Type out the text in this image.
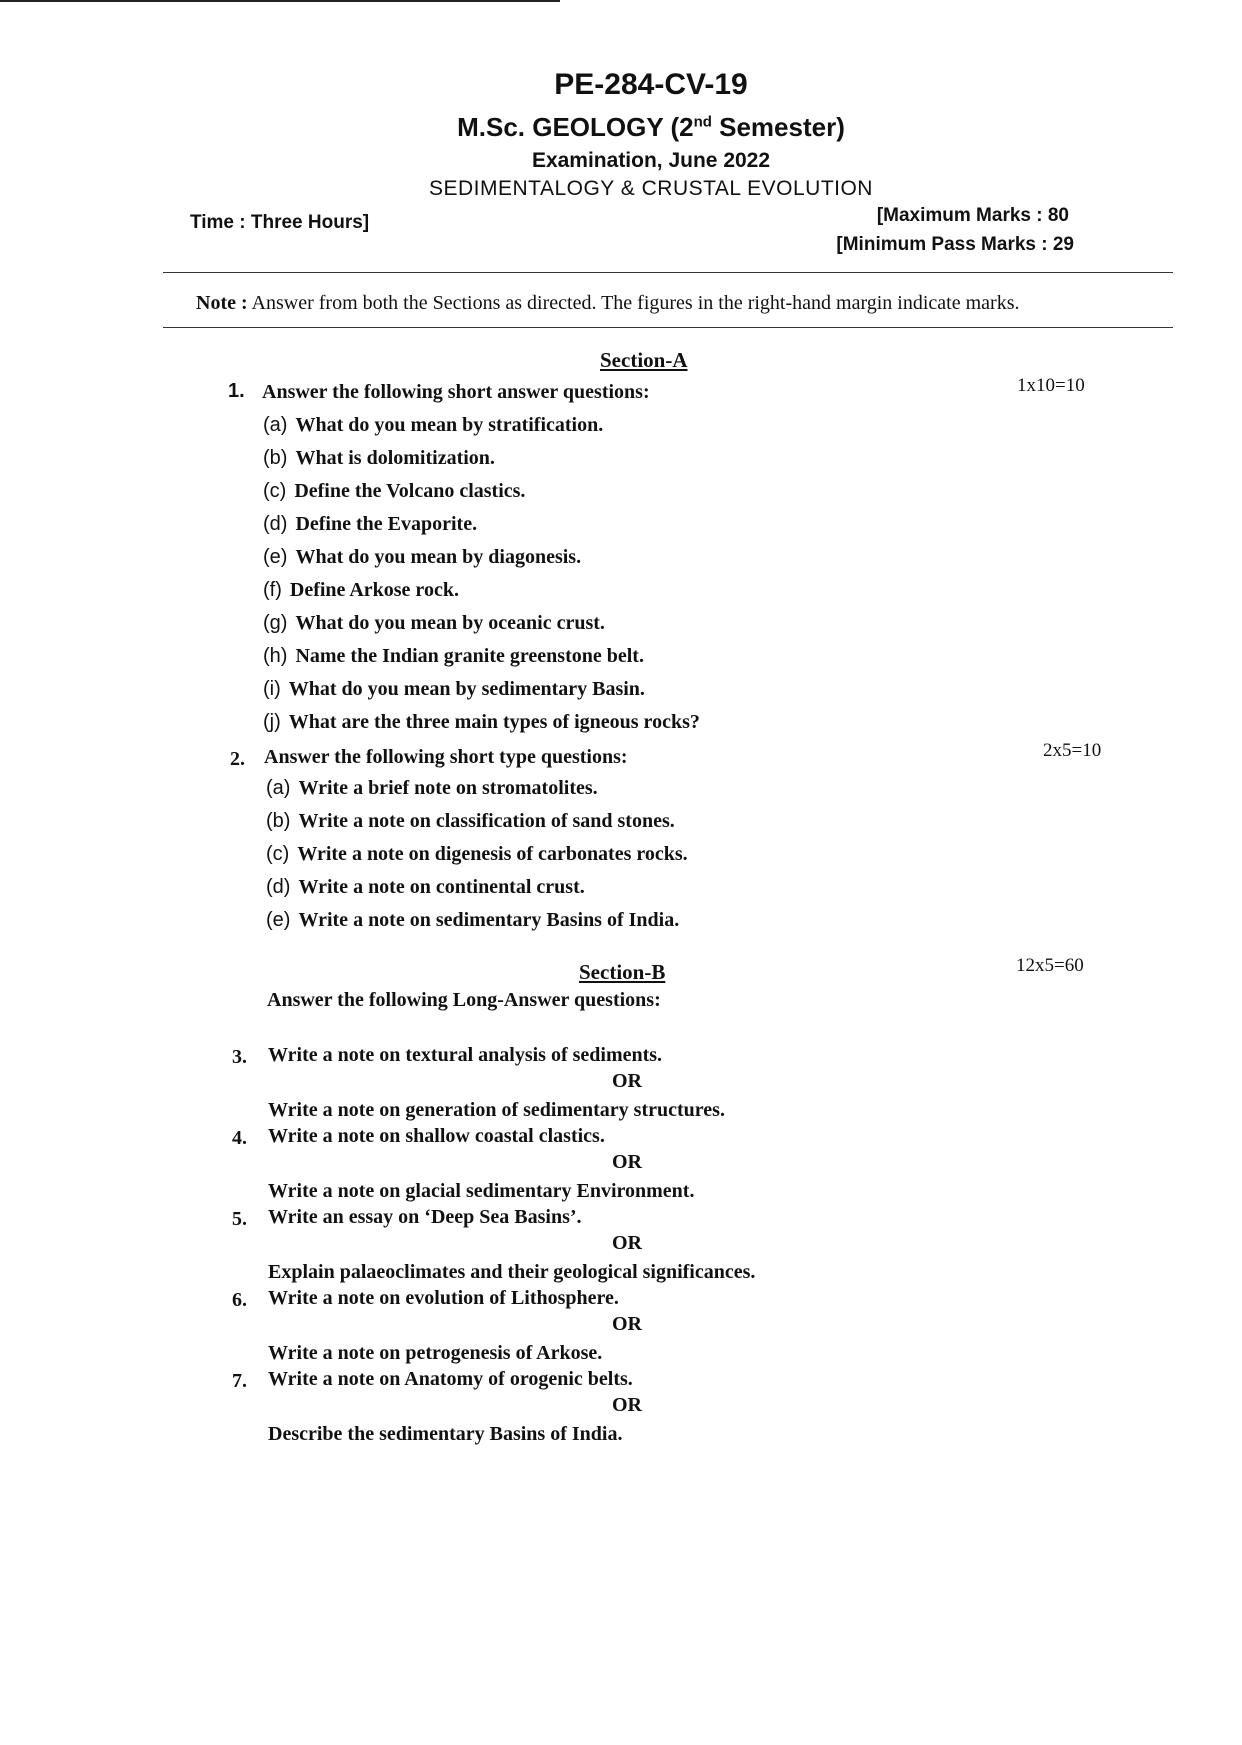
PE-284-CV-19
M.Sc. GEOLOGY (2nd Semester)
Examination, June 2022
SEDIMENTALOGY & CRUSTAL EVOLUTION
Time : Three Hours]	[Maximum Marks : 80
[Minimum Pass Marks : 29
Note : Answer from both the Sections as directed. The figures in the right-hand margin indicate marks.
Section-A
1. Answer the following short answer questions:	1x10=10
(a) What do you mean by stratification.
(b) What is dolomitization.
(c) Define the Volcano clastics.
(d) Define the Evaporite.
(e) What do you mean by diagonesis.
(f) Define Arkose rock.
(g) What do you mean by oceanic crust.
(h) Name the Indian granite greenstone belt.
(i) What do you mean by sedimentary Basin.
(j) What are the three main types of igneous rocks?
2. Answer the following short type questions:	2x5=10
(a) Write a brief note on stromatolites.
(b) Write a note on classification of sand stones.
(c) Write a note on digenesis of carbonates rocks.
(d) Write a note on continental crust.
(e) Write a note on sedimentary Basins of India.
Section-B	12x5=60
Answer the following Long-Answer questions:
3. Write a note on textural analysis of sediments.
OR
Write a note on generation of sedimentary structures.
4. Write a note on shallow coastal clastics.
OR
Write a note on glacial sedimentary Environment.
5. Write an essay on ‘Deep Sea Basins’.
OR
Explain palaeoclimates and their geological significances.
6. Write a note on evolution of Lithosphere.
OR
Write a note on petrogenesis of Arkose.
7. Write a note on Anatomy of orogenic belts.
OR
Describe the sedimentary Basins of India.
